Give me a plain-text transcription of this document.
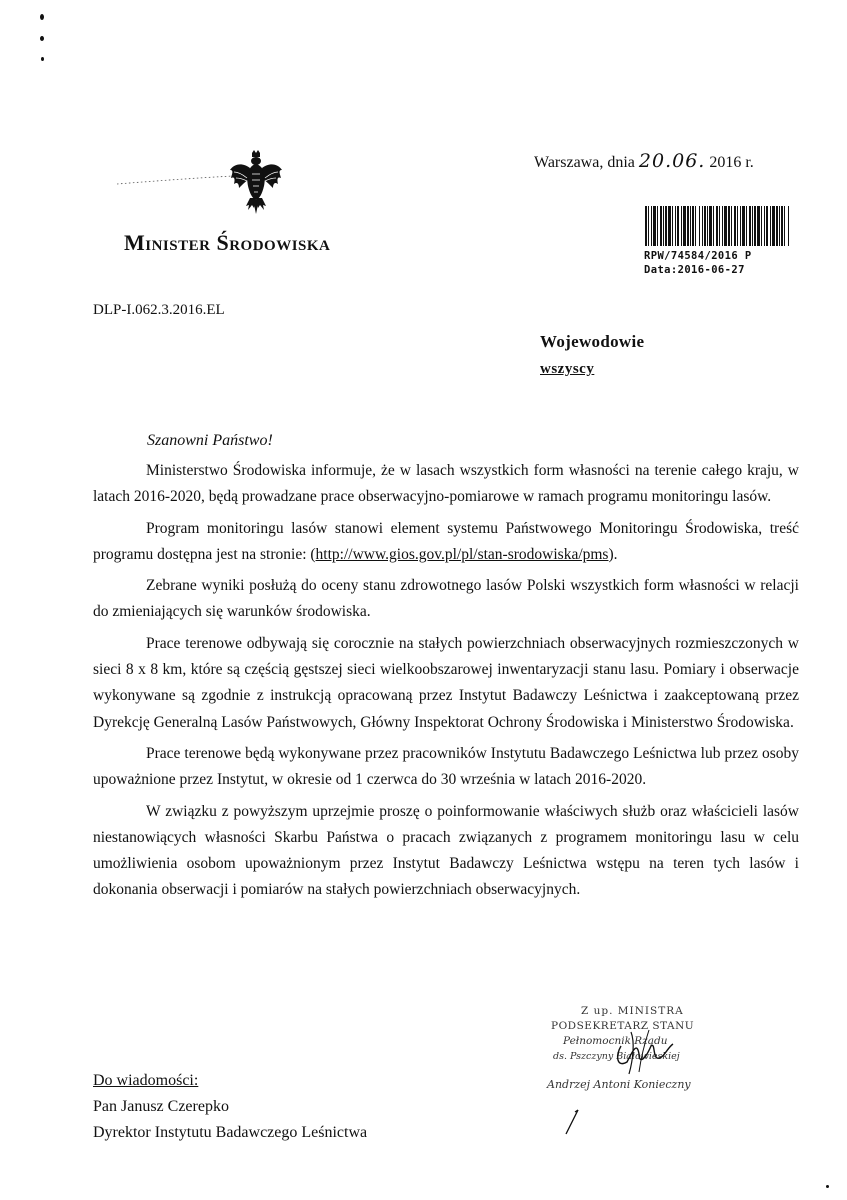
Minister Środowiska
Warszawa, dnia 20.06. 2016 r.
RPW/74584/2016 P
Data:2016-06-27
DLP-I.062.3.2016.EL
Wojewodowie
wszyscy
Szanowni Państwo!

Ministerstwo Środowiska informuje, że w lasach wszystkich form własności na terenie całego kraju, w latach 2016-2020, będą prowadzane prace obserwacyjno-pomiarowe w ramach programu monitoringu lasów.

Program monitoringu lasów stanowi element systemu Państwowego Monitoringu Środowiska, treść programu dostępna jest na stronie: (http://www.gios.gov.pl/pl/stan-srodowiska/pms).

Zebrane wyniki posłużą do oceny stanu zdrowotnego lasów Polski wszystkich form własności w relacji do zmieniających się warunków środowiska.

Prace terenowe odbywają się corocznie na stałych powierzchniach obserwacyjnych rozmieszczonych w sieci 8 x 8 km, które są częścią gęstszej sieci wielkoobszarowej inwentaryzacji stanu lasu. Pomiary i obserwacje wykonywane są zgodnie z instrukcją opracowaną przez Instytut Badawczy Leśnictwa i zaakceptowaną przez Dyrekcję Generalną Lasów Państwowych, Główny Inspektorat Ochrony Środowiska i Ministerstwo Środowiska.

Prace terenowe będą wykonywane przez pracowników Instytutu Badawczego Leśnictwa lub przez osoby upoważnione przez Instytut, w okresie od 1 czerwca do 30 września w latach 2016-2020.

W związku z powyższym uprzejmie proszę o poinformowanie właściwych służb oraz właścicieli lasów niestanowiących własności Skarbu Państwa o pracach związanych z programem monitoringu lasu w celu umożliwienia osobom upoważnionym przez Instytut Badawczy Leśnictwa wstępu na teren tych lasów i dokonania obserwacji i pomiarów na stałych powierzchniach obserwacyjnych.

Z up. MINISTRA
PODSEKRETARZ STANU
Pełnomocnik Rządu
ds. Pszczyny Białowieskiej
Andrzej Antoni Konieczny
Do wiadomości:
Pan Janusz Czerepko
Dyrektor Instytutu Badawczego Leśnictwa
